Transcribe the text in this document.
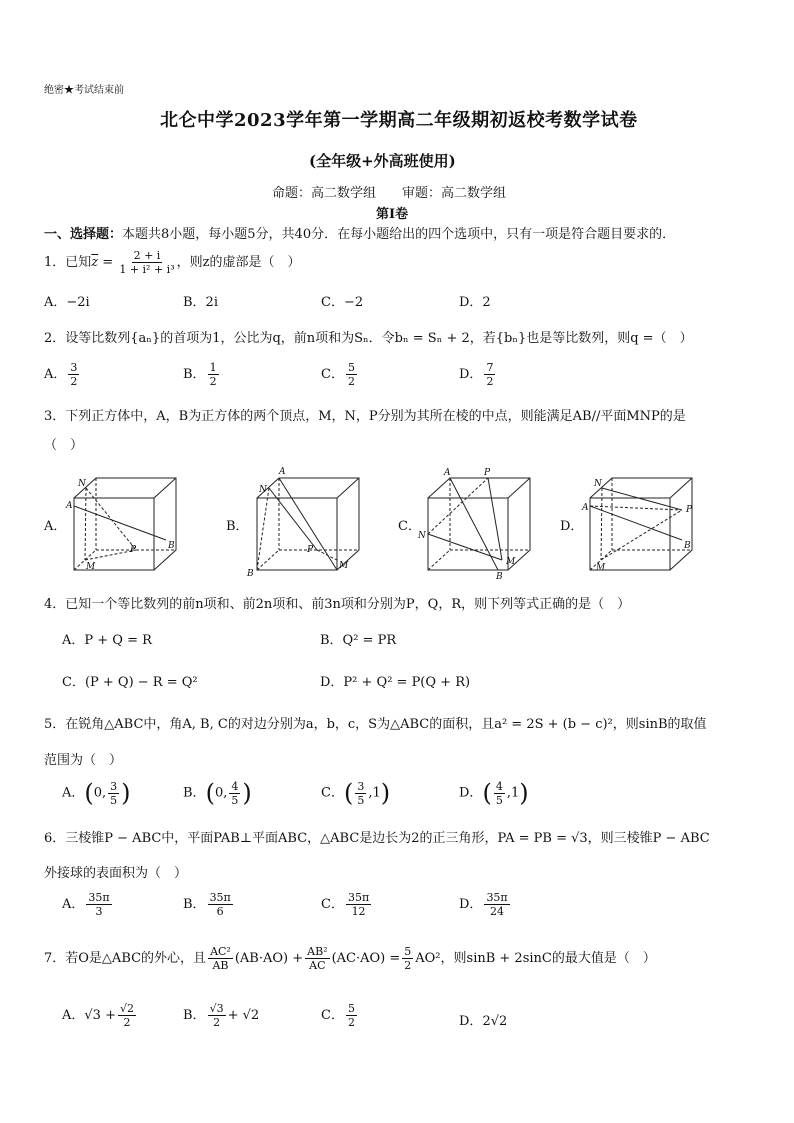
绝密★考试结束前
北仑中学2023学年第一学期高二年级期初返校考数学试卷
(全年级+外高班使用)
命题：高二数学组　　审题：高二数学组
第Ⅰ卷
一、选择题：本题共8小题，每小题5分，共40分．在每小题给出的四个选项中，只有一项是符合题目要求的．
1．已知$\overline{z} = \frac{2 + i}{\text{1 + i² + i³}}$ ，则z的虚部是（　）
A．−2i	B．2i	C．−2	D．2
2．设等比数列{aₙ}的首项为1，公比为q，前n项和为Sₙ．令bₙ = Sₙ + 2，若{bₙ}也是等比数列，则q =（　）
A． $\frac{3}{2}$	B． $\frac{1}{2}$	C． $\frac{5}{2}$	D． $\frac{7}{2}$
3．下列正方体中，A，B为正方体的两个顶点，M，N，P分别为其所在棱的中点，则能满足AB//平面MNP的是
（　）
A．
A
N
P	B
M
B．
A
N
P
B
M
C．
A	P
N
M
B
D．
A
N
P
B
M
4．已知一个等比数列的前n项和、前2n项和、前3n项和分别为P，Q，R，则下列等式正确的是（　）
A．P + Q = R	B．Q² = PR
C．(P + Q) − R = Q²	D．P² + Q² = P(Q + R)
5．在锐角△ABC中，角A, B, C的对边分别为a，b，c，S为△ABC的面积，且a² = 2S + (b − c)²，则sinB的取值
范围为（　）
A．(0, $\frac{3}{5}$ )	B．(0, $\frac{4}{5}$ )	C．( $\frac{3}{5} ,1$)	D．( $\frac{4}{5} ,1$)
6．三棱锥P − ABC中，平面PAB⊥平面ABC，△ABC是边长为2的正三角形，PA = PB = √3，则三棱锥P − ABC
外接球的表面积为（　）
A． $\frac{35\pi}{3}$	B． $\frac{35\pi}{6}$	C． $\frac{35\pi}{12}$	D． $\frac{35\pi}{24}$
7．若O是△ABC的外心，且 $\frac{\text{AC²}}{AB} (AB\cdot AO) + \frac{\text{AB²}}{AC} (AC\cdot AO) = \frac{5}{2} AO^2$，则sinB + 2sinC的最大值是（　）
A．$√3 + \frac{√2}{2}$	B． $\frac{√3}{2} + √2$	C． $\frac{5}{2}$	D．2√2
